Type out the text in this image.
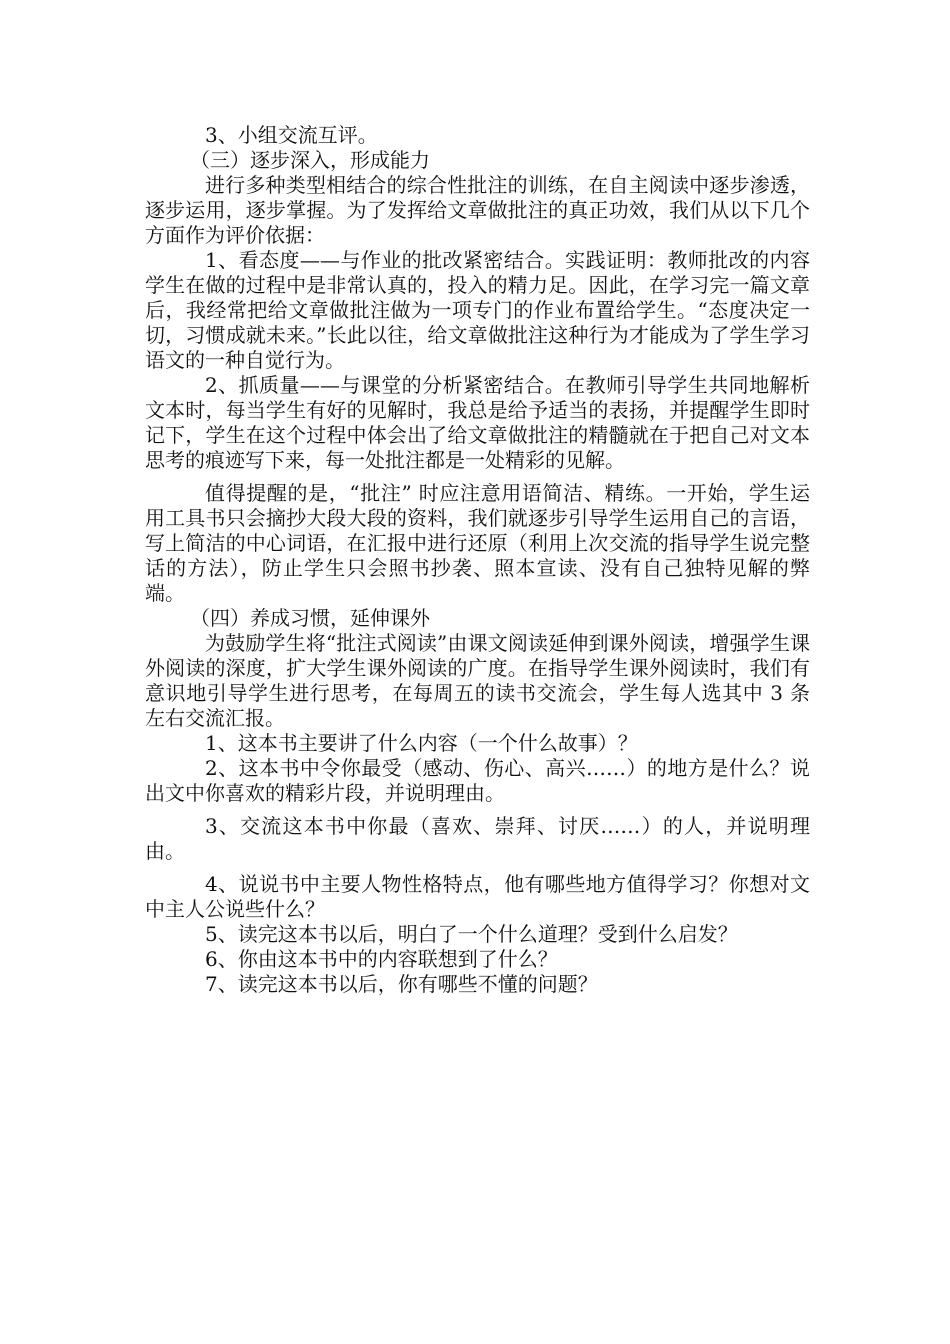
3、小组交流互评。

（三）逐步深入，形成能力

进行多种类型相结合的综合性批注的训练，在自主阅读中逐步渗透，逐步运用，逐步掌握。为了发挥给文章做批注的真正功效，我们从以下几个方面作为评价依据：

1、看态度——与作业的批改紧密结合。实践证明：教师批改的内容学生在做的过程中是非常认真的，投入的精力足。因此，在学习完一篇文章后，我经常把给文章做批注做为一项专门的作业布置给学生。“态度决定一切，习惯成就未来。”长此以往，给文章做批注这种行为才能成为了学生学习语文的一种自觉行为。

2、抓质量——与课堂的分析紧密结合。在教师引导学生共同地解析文本时，每当学生有好的见解时，我总是给予适当的表扬，并提醒学生即时记下，学生在这个过程中体会出了给文章做批注的精髓就在于把自己对文本思考的痕迹写下来，每一处批注都是一处精彩的见解。

值得提醒的是，“批注” 时应注意用语简洁、精练。一开始，学生运用工具书只会摘抄大段大段的资料，我们就逐步引导学生运用自己的言语，写上简洁的中心词语，在汇报中进行还原（利用上次交流的指导学生说完整话的方法），防止学生只会照书抄袭、照本宣读、没有自己独特见解的弊端。

（四）养成习惯，延伸课外

为鼓励学生将“批注式阅读”由课文阅读延伸到课外阅读，增强学生课外阅读的深度，扩大学生课外阅读的广度。在指导学生课外阅读时，我们有意识地引导学生进行思考，在每周五的读书交流会，学生每人选其中 3 条左右交流汇报。

1、这本书主要讲了什么内容（一个什么故事）？

2、这本书中令你最受（感动、伤心、高兴……）的地方是什么？说出文中你喜欢的精彩片段，并说明理由。

3、交流这本书中你最（喜欢、崇拜、讨厌……）的人，并说明理由。

4、说说书中主要人物性格特点，他有哪些地方值得学习？你想对文中主人公说些什么？

5、读完这本书以后，明白了一个什么道理？受到什么启发？

6、你由这本书中的内容联想到了什么？

7、读完这本书以后，你有哪些不懂的问题？
